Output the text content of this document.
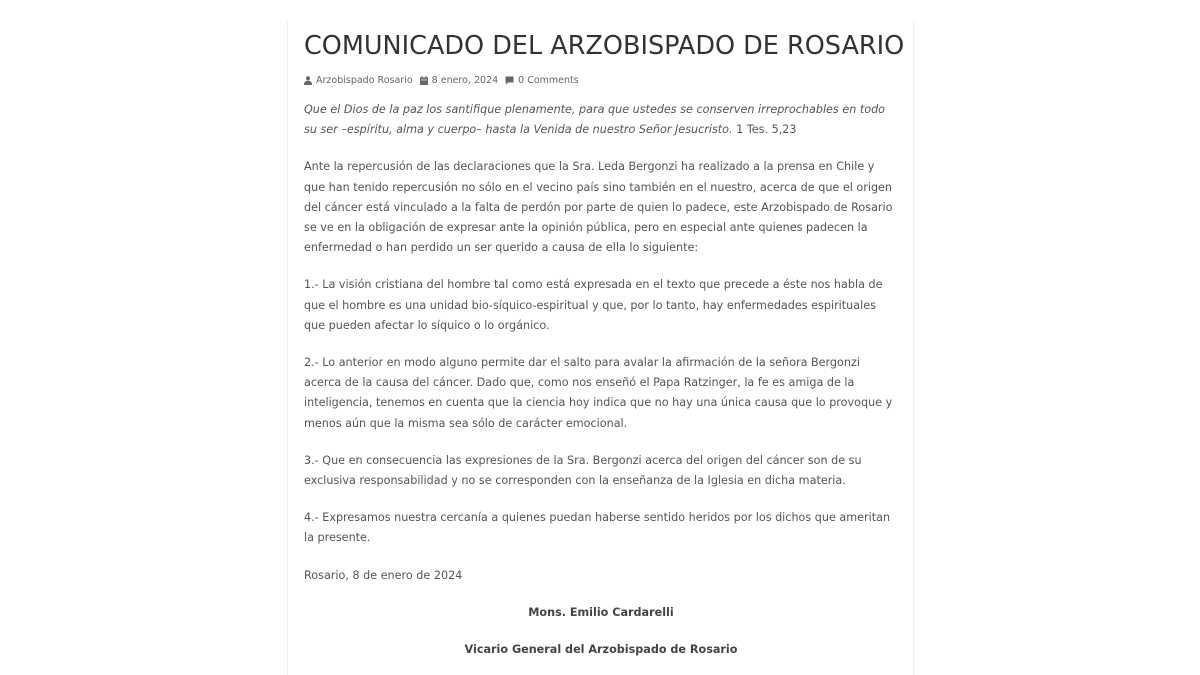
COMUNICADO DEL ARZOBISPADO DE ROSARIO
Arzobispado Rosario 8 enero, 2024 0 Comments

Que el Dios de la paz los santifique plenamente, para que ustedes se conserven irreprochables en todo su ser –espíritu, alma y cuerpo– hasta la Venida de nuestro Señor Jesucristo. 1 Tes. 5,23

Ante la repercusión de las declaraciones que la Sra. Leda Bergonzi ha realizado a la prensa en Chile y que han tenido repercusión no sólo en el vecino país sino también en el nuestro, acerca de que el origen del cáncer está vinculado a la falta de perdón por parte de quien lo padece, este Arzobispado de Rosario se ve en la obligación de expresar ante la opinión pública, pero en especial ante quienes padecen la enfermedad o han perdido un ser querido a causa de ella lo siguiente:

1.- La visión cristiana del hombre tal como está expresada en el texto que precede a éste nos habla de que el hombre es una unidad bio-síquico-espiritual y que, por lo tanto, hay enfermedades espirituales que pueden afectar lo síquico o lo orgánico.

2.- Lo anterior en modo alguno permite dar el salto para avalar la afirmación de la señora Bergonzi acerca de la causa del cáncer. Dado que, como nos enseñó el Papa Ratzinger, la fe es amiga de la inteligencia, tenemos en cuenta que la ciencia hoy indica que no hay una única causa que lo provoque y menos aún que la misma sea sólo de carácter emocional.

3.- Que en consecuencia las expresiones de la Sra. Bergonzi acerca del origen del cáncer son de su exclusiva responsabilidad y no se corresponden con la enseñanza de la Iglesia en dicha materia.

4.- Expresamos nuestra cercanía a quienes puedan haberse sentido heridos por los dichos que ameritan la presente.

Rosario, 8 de enero de 2024

Mons. Emilio Cardarelli

Vicario General del Arzobispado de Rosario
